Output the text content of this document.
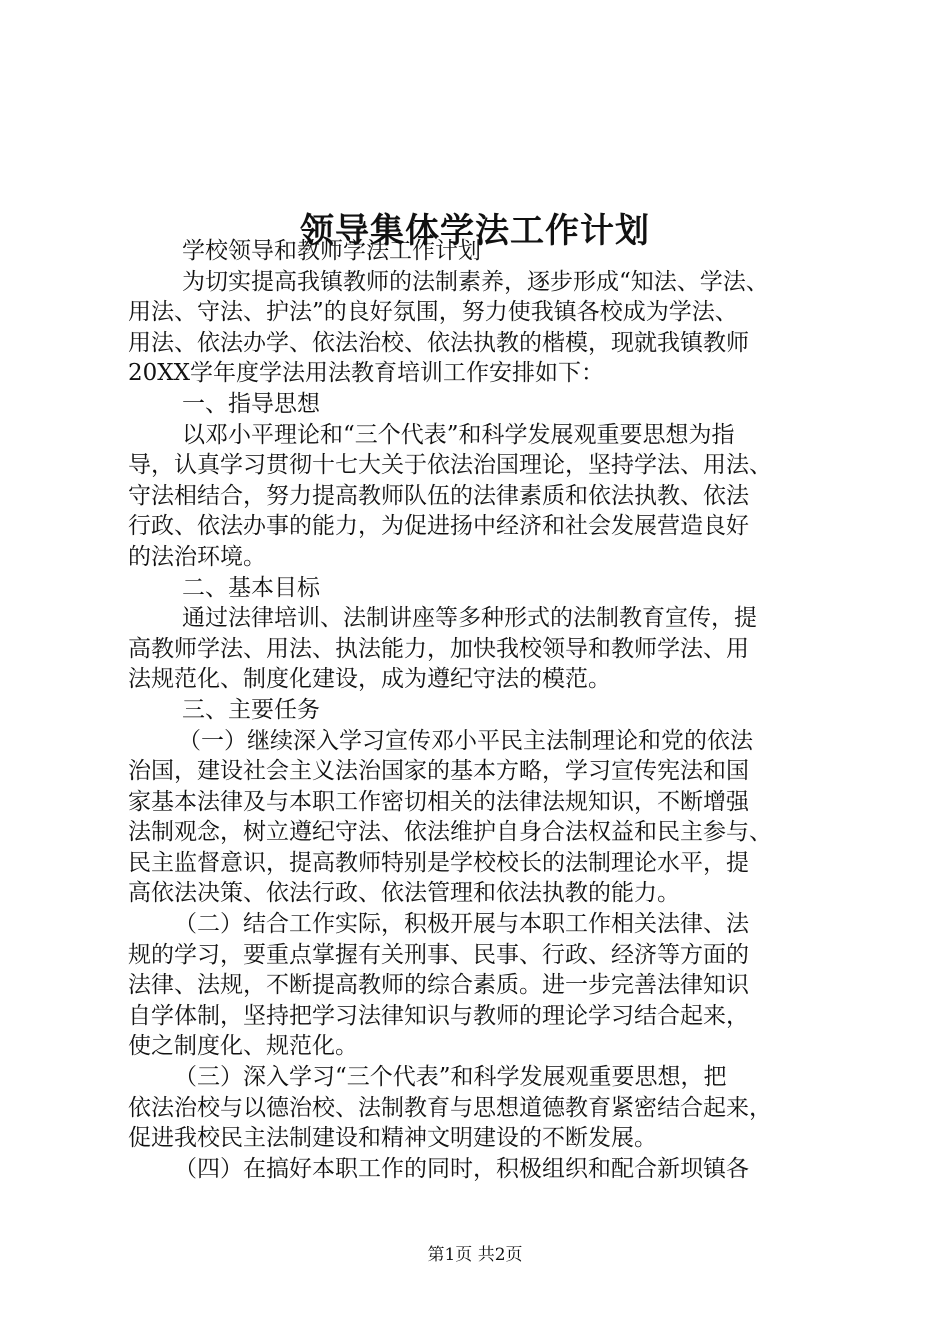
领导集体学法工作计划
学校领导和教师学法工作计划
为切实提高我镇教师的法制素养，逐步形成“知法、学法、
用法、守法、护法”的良好氛围，努力使我镇各校成为学法、
用法、依法办学、依法治校、依法执教的楷模，现就我镇教师
20XX学年度学法用法教育培训工作安排如下：
一、指导思想
以邓小平理论和“三个代表”和科学发展观重要思想为指
导，认真学习贯彻十七大关于依法治国理论，坚持学法、用法、
守法相结合，努力提高教师队伍的法律素质和依法执教、依法
行政、依法办事的能力，为促进扬中经济和社会发展营造良好
的法治环境。
二、基本目标
通过法律培训、法制讲座等多种形式的法制教育宣传，提
高教师学法、用法、执法能力，加快我校领导和教师学法、用
法规范化、制度化建设，成为遵纪守法的模范。
三、主要任务
（一）继续深入学习宣传邓小平民主法制理论和党的依法
治国，建设社会主义法治国家的基本方略，学习宣传宪法和国
家基本法律及与本职工作密切相关的法律法规知识，不断增强
法制观念，树立遵纪守法、依法维护自身合法权益和民主参与、
民主监督意识，提高教师特别是学校校长的法制理论水平，提
高依法决策、依法行政、依法管理和依法执教的能力。
（二）结合工作实际，积极开展与本职工作相关法律、法
规的学习，要重点掌握有关刑事、民事、行政、经济等方面的
法律、法规，不断提高教师的综合素质。进一步完善法律知识
自学体制，坚持把学习法律知识与教师的理论学习结合起来，
使之制度化、规范化。
（三）深入学习“三个代表”和科学发展观重要思想，把
依法治校与以德治校、法制教育与思想道德教育紧密结合起来，
促进我校民主法制建设和精神文明建设的不断发展。
（四）在搞好本职工作的同时，积极组织和配合新坝镇各
第1页 共2页
